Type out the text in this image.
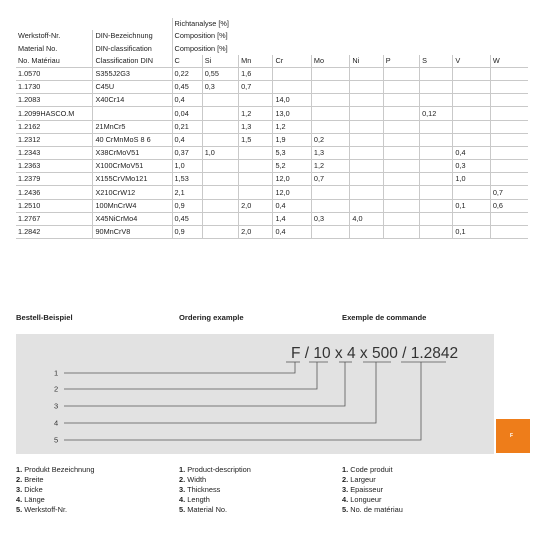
		Richtanalyse [%]									
Werkstoff-Nr.	DIN-Bezeichnung	Composition [%]									
Material No.	DIN-classification	Composition [%]									
No. Matériau	Classification DIN	C	Si	Mn	Cr	Mo	Ni	P	S	V	W
1.0570	S355J2G3	0,22	0,55	1,6							
1.1730	C45U	0,45	0,3	0,7							
1.2083	X40Cr14	0,4			14,0						
1.2099HASCO.M		0,04		1,2	13,0				0,12		
1.2162	21MnCr5	0,21		1,3	1,2						
1.2312	40 CrMnMoS 8 6	0,4		1,5	1,9	0,2					
1.2343	X38CrMoV51	0,37	1,0		5,3	1,3				0,4	
1.2363	X100CrMoV51	1,0			5,2	1,2				0,3	
1.2379	X155CrVMo121	1,53			12,0	0,7				1,0	
1.2436	X210CrW12	2,1			12,0						0,7
1.2510	100MnCrW4	0,9		2,0	0,4					0,1	0,6
1.2767	X45NiCrMo4	0,45			1,4	0,3	4,0				
1.2842	90MnCrV8	0,9		2,0	0,4					0,1	
Bestell-Beispiel	Ordering example	Exemple de commande
F / 10 x 4 x 500 / 1.2842
1
2
3
4
5	F
1. Produkt Bezeichnung
2. Breite
3. Dicke
4. Länge
5. Werkstoff-Nr.
1. Product-description
2. Width
3. Thickness
4. Length
5. Material No.
1. Code produit
2. Largeur
3. Epaisseur
4. Longueur
5. No. de matériau
